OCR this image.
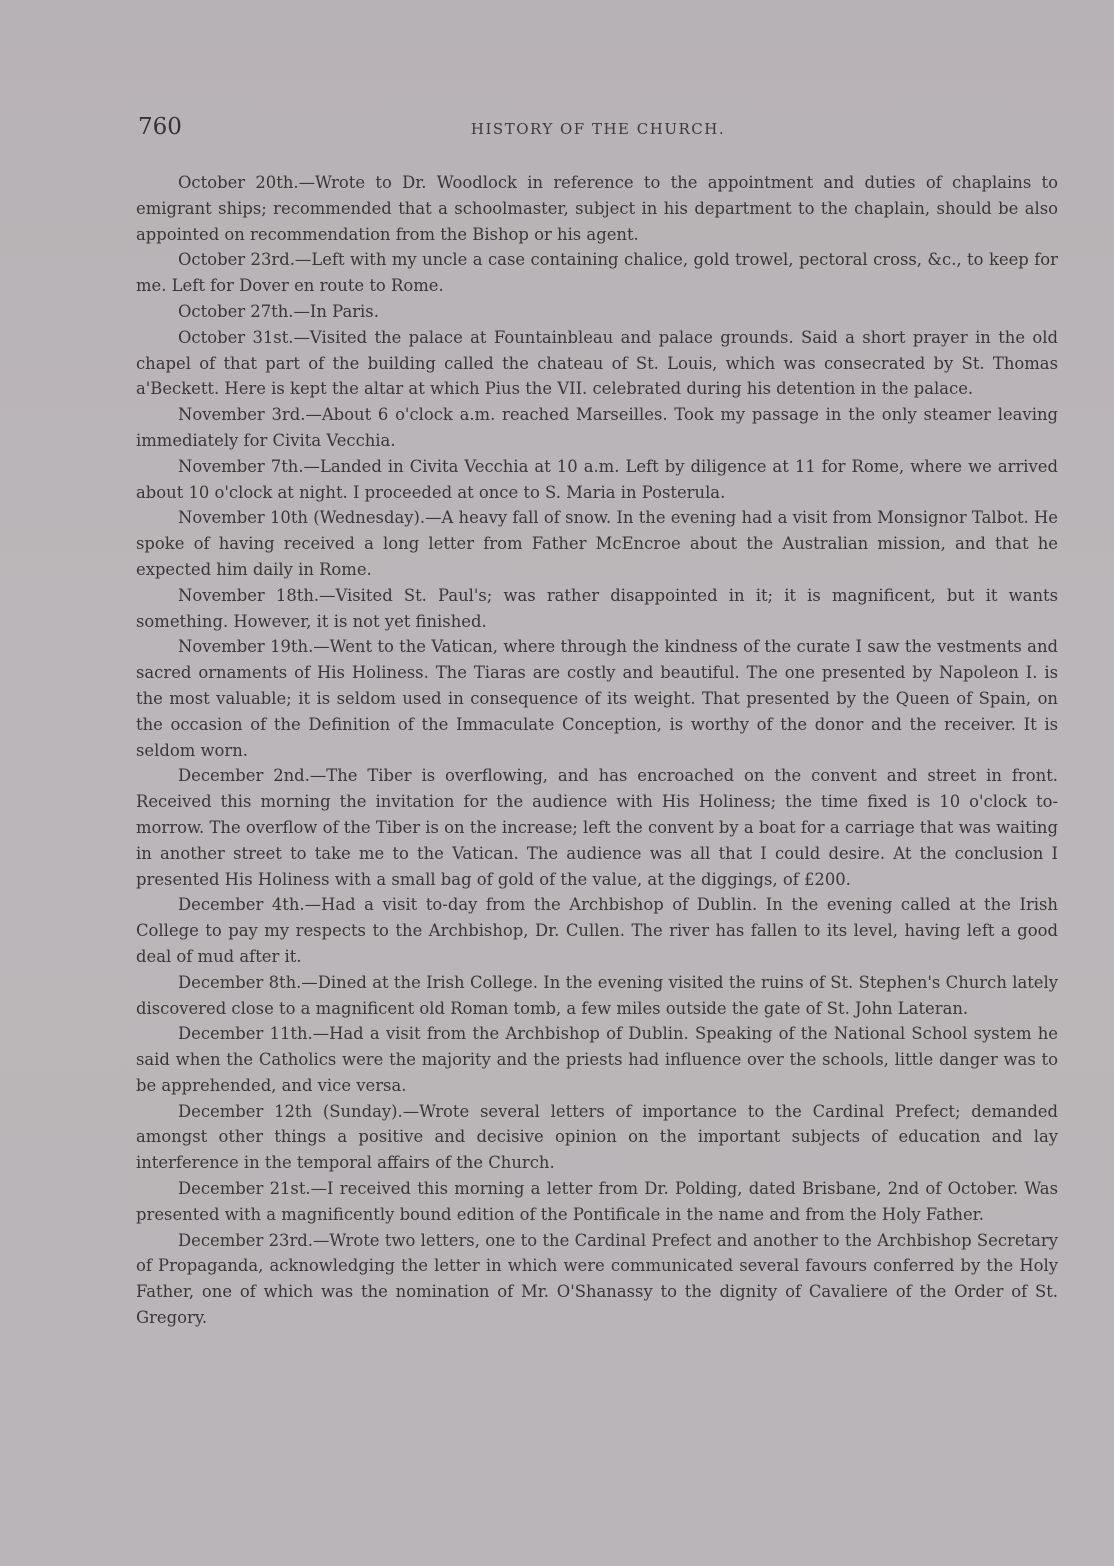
760	HISTORY OF THE CHURCH.

October 20th.—Wrote to Dr. Woodlock in reference to the appointment and duties of chaplains to emigrant ships; recommended that a schoolmaster, subject in his department to the chaplain, should be also appointed on recommendation from the Bishop or his agent.

October 23rd.—Left with my uncle a case containing chalice, gold trowel, pectoral cross, &c., to keep for me. Left for Dover en route to Rome.

October 27th.—In Paris.

October 31st.—Visited the palace at Fountainbleau and palace grounds. Said a short prayer in the old chapel of that part of the building called the chateau of St. Louis, which was consecrated by St. Thomas a'Beckett. Here is kept the altar at which Pius the VII. celebrated during his detention in the palace.

November 3rd.—About 6 o'clock a.m. reached Marseilles. Took my passage in the only steamer leaving immediately for Civita Vecchia.

November 7th.—Landed in Civita Vecchia at 10 a.m. Left by diligence at 11 for Rome, where we arrived about 10 o'clock at night. I proceeded at once to S. Maria in Posterula.

November 10th (Wednesday).—A heavy fall of snow. In the evening had a visit from Monsignor Talbot. He spoke of having received a long letter from Father McEncroe about the Australian mission, and that he expected him daily in Rome.

November 18th.—Visited St. Paul's; was rather disappointed in it; it is magnificent, but it wants something. However, it is not yet finished.

November 19th.—Went to the Vatican, where through the kindness of the curate I saw the vestments and sacred ornaments of His Holiness. The Tiaras are costly and beautiful. The one presented by Napoleon I. is the most valuable; it is seldom used in consequence of its weight. That presented by the Queen of Spain, on the occasion of the Definition of the Immaculate Conception, is worthy of the donor and the receiver. It is seldom worn.

December 2nd.—The Tiber is overflowing, and has encroached on the convent and street in front. Received this morning the invitation for the audience with His Holiness; the time fixed is 10 o'clock to-morrow. The overflow of the Tiber is on the increase; left the convent by a boat for a carriage that was waiting in another street to take me to the Vatican. The audience was all that I could desire. At the conclusion I presented His Holiness with a small bag of gold of the value, at the diggings, of £200.

December 4th.—Had a visit to-day from the Archbishop of Dublin. In the evening called at the Irish College to pay my respects to the Archbishop, Dr. Cullen. The river has fallen to its level, having left a good deal of mud after it.

December 8th.—Dined at the Irish College. In the evening visited the ruins of St. Stephen's Church lately discovered close to a magnificent old Roman tomb, a few miles outside the gate of St. John Lateran.

December 11th.—Had a visit from the Archbishop of Dublin. Speaking of the National School system he said when the Catholics were the majority and the priests had influence over the schools, little danger was to be apprehended, and vice versa.

December 12th (Sunday).—Wrote several letters of importance to the Cardinal Prefect; demanded amongst other things a positive and decisive opinion on the important subjects of education and lay interference in the temporal affairs of the Church.

December 21st.—I received this morning a letter from Dr. Polding, dated Brisbane, 2nd of October. Was presented with a magnificently bound edition of the Pontificale in the name and from the Holy Father.

December 23rd.—Wrote two letters, one to the Cardinal Prefect and another to the Archbishop Secretary of Propaganda, acknowledging the letter in which were communicated several favours conferred by the Holy Father, one of which was the nomination of Mr. O'Shanassy to the dignity of Cavaliere of the Order of St. Gregory.
